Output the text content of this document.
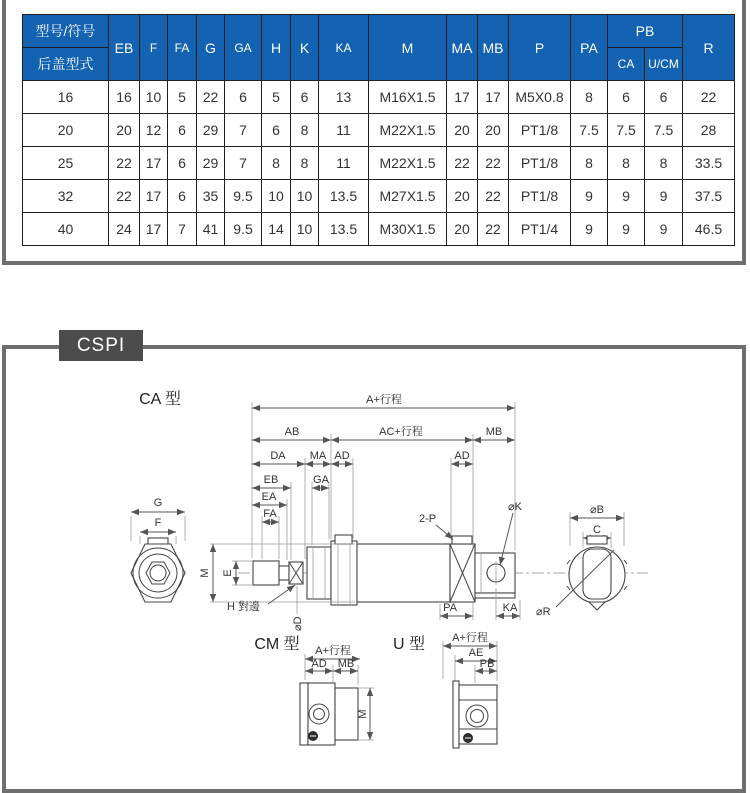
型号/符号	EB	F	FA	G	GA	H	K	KA	M	MA	MB	P	PA	PB		R
后盖型式														CA	U/CM	
16	16	10	5	22	6	5	6	13	M16X1.5	17	17	M5X0.8	8	6	6	22
20	20	12	6	29	7	6	8	11	M22X1.5	20	20	PT1/8	7.5	7.5	7.5	28
25	22	17	6	29	7	8	8	11	M22X1.5	22	22	PT1/8	8	8	8	33.5
32	22	17	6	35	9.5	10	10	13.5	M27X1.5	20	22	PT1/8	9	9	9	37.5
40	24	17	7	41	9.5	14	10	13.5	M30X1.5	20	22	PT1/4	9	9	9	46.5
CSPI
CA 型
G
F
A+行程
AB	AC+行程	MB
DA MA AD	AD
EB	GA
EA
FA
M E
H 對邊
⌀D
2-P
⌀K
PA	KA
⌀B
C
⌀R
CM 型 A+行程
AD MB
M
U 型 A+行程
AE
PB
